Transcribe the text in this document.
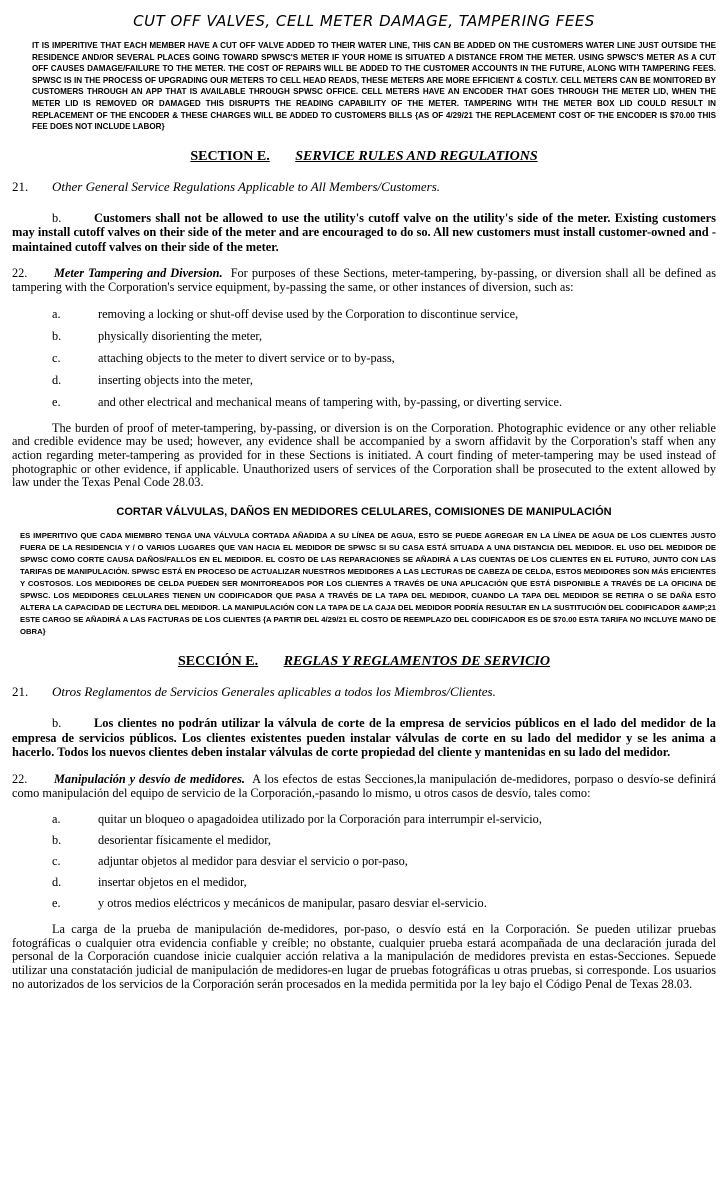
CUT OFF VALVES, CELL METER DAMAGE, TAMPERING FEES

IT IS IMPERITIVE THAT EACH MEMBER HAVE A CUT OFF VALVE ADDED TO THEIR WATER LINE, THIS CAN BE ADDED ON THE CUSTOMERS WATER LINE JUST OUTSIDE THE RESIDENCE AND/OR SEVERAL PLACES GOING TOWARD SPWSC'S METER IF YOUR HOME IS SITUATED A DISTANCE FROM THE METER. USING SPWSC'S METER AS A CUT OFF CAUSES DAMAGE/FAILURE TO THE METER. THE COST OF REPAIRS WILL BE ADDED TO THE CUSTOMER ACCOUNTS IN THE FUTURE, ALONG WITH TAMPERING FEES. SPWSC IS IN THE PROCESS OF UPGRADING OUR METERS TO CELL HEAD READS, THESE METERS ARE MORE EFFICIENT & COSTLY. CELL METERS CAN BE MONITORED BY CUSTOMERS THROUGH AN APP THAT IS AVAILABLE THROUGH SPWSC OFFICE. CELL METERS HAVE AN ENCODER THAT GOES THROUGH THE METER LID, WHEN THE METER LID IS REMOVED OR DAMAGED THIS DISRUPTS THE READING CAPABILITY OF THE METER. TAMPERING WITH THE METER BOX LID COULD RESULT IN REPLACEMENT OF THE ENCODER & THESE CHARGES WILL BE ADDED TO CUSTOMERS BILLS {AS OF 4/29/21 THE REPLACEMENT COST OF THE ENCODER IS $70.00 THIS FEE DOES NOT INCLUDE LABOR}

SECTION E. SERVICE RULES AND REGULATIONS
21. Other General Service Regulations Applicable to All Members/Customers.

b.	Customers shall not be allowed to use the utility's cutoff valve on the utility's side of the meter. Existing customers may install cutoff valves on their side of the meter and are encouraged to do so. All new customers must install customer-owned and -maintained cutoff valves on their side of the meter.

22. Meter Tampering and Diversion. For purposes of these Sections, meter-tampering, by-passing, or diversion shall all be defined as tampering with the Corporation's service equipment, by-passing the same, or other instances of diversion, such as:

a.	removing a locking or shut-off devise used by the Corporation to discontinue service,
b.	physically disorienting the meter,
c.	attaching objects to the meter to divert service or to by-pass,
d.	inserting objects into the meter,
e.	and other electrical and mechanical means of tampering with, by-passing, or diverting service.

The burden of proof of meter-tampering, by-passing, or diversion is on the Corporation. Photographic evidence or any other reliable and credible evidence may be used; however, any evidence shall be accompanied by a sworn affidavit by the Corporation's staff when any action regarding meter-tampering as provided for in these Sections is initiated. A court finding of meter-tampering may be used instead of photographic or other evidence, if applicable. Unauthorized users of services of the Corporation shall be prosecuted to the extent allowed by law under the Texas Penal Code 28.03.

CORTAR VÁLVULAS, DAÑOS EN MEDIDORES CELULARES, COMISIONES DE MANIPULACIÓN

ES IMPERITIVO QUE CADA MIEMBRO TENGA UNA VÁLVULA CORTADA AÑADIDA A SU LÍNEA DE AGUA, ESTO SE PUEDE AGREGAR EN LA LÍNEA DE AGUA DE LOS CLIENTES JUSTO FUERA DE LA RESIDENCIA Y / O VARIOS LUGARES QUE VAN HACIA EL MEDIDOR DE SPWSC SI SU CASA ESTÁ SITUADA A UNA DISTANCIA DEL MEDIDOR. EL USO DEL MEDIDOR DE SPWSC COMO CORTE CAUSA DAÑOS/FALLOS EN EL MEDIDOR. EL COSTO DE LAS REPARACIONES SE AÑADIRÁ A LAS CUENTAS DE LOS CLIENTES EN EL FUTURO, JUNTO CON LAS TARIFAS DE MANIPULACIÓN. SPWSC ESTÁ EN PROCESO DE ACTUALIZAR NUESTROS MEDIDORES A LAS LECTURAS DE CABEZA DE CELDA, ESTOS MEDIDORES SON MÁS EFICIENTES Y COSTOSOS. LOS MEDIDORES DE CELDA PUEDEN SER MONITOREADOS POR LOS CLIENTES A TRAVÉS DE UNA APLICACIÓN QUE ESTÁ DISPONIBLE A TRAVÉS DE LA OFICINA DE SPWSC. LOS MEDIDORES CELULARES TIENEN UN CODIFICADOR QUE PASA A TRAVÉS DE LA TAPA DEL MEDIDOR, CUANDO LA TAPA DEL MEDIDOR SE RETIRA O SE DAÑA ESTO ALTERA LA CAPACIDAD DE LECTURA DEL MEDIDOR. LA MANIPULACIÓN CON LA TAPA DE LA CAJA DEL MEDIDOR PODRÍA RESULTAR EN LA SUSTITUCIÓN DEL CODIFICADOR &AMP;21 ESTE CARGO SE AÑADIRÁ A LAS FACTURAS DE LOS CLIENTES {A PARTIR DEL 4/29/21 EL COSTO DE REEMPLAZO DEL CODIFICADOR ES DE $70.00 ESTA TARIFA NO INCLUYE MANO DE OBRA}

SECCIÓN E. REGLAS Y REGLAMENTOS DE SERVICIO
21. Otros Reglamentos de Servicios Generales aplicables a todos los Miembros/Clientes.

b.	Los clientes no podrán utilizar la válvula de corte de la empresa de servicios públicos en el lado del medidor de la empresa de servicios públicos. Los clientes existentes pueden instalar válvulas de corte en su lado del medidor y se les anima a hacerlo. Todos los nuevos clientes deben instalar válvulas de corte propiedad del cliente y mantenidas en su lado del medidor.

22. Manipulación y desvío de medidores. A los efectos de estas Secciones,la manipulación de-medidores, porpaso o desvío-se definirá como manipulación del equipo de servicio de la Corporación,-pasando lo mismo, u otros casos de desvío, tales como:

a.	quitar un bloqueo o apagadoidea utilizado por la Corporación para interrumpir el-servicio,
b.	desorientar físicamente el medidor,
c.	adjuntar objetos al medidor para desviar el servicio o por-paso,
d.	insertar objetos en el medidor,
e.	y otros medios eléctricos y mecánicos de manipular, pasaro desviar el-servicio.

La carga de la prueba de manipulación de-medidores, por-paso, o desvío está en la Corporación. Se pueden utilizar pruebas fotográficas o cualquier otra evidencia confiable y creíble; no obstante, cualquier prueba estará acompañada de una declaración jurada del personal de la Corporación cuandose inicie cualquier acción relativa a la manipulación de medidores prevista en estas-Secciones. Sepuede utilizar una constatación judicial de manipulación de medidores-en lugar de pruebas fotográficas u otras pruebas, si corresponde. Los usuarios no autorizados de los servicios de la Corporación serán procesados en la medida permitida por la ley bajo el Código Penal de Texas 28.03.
